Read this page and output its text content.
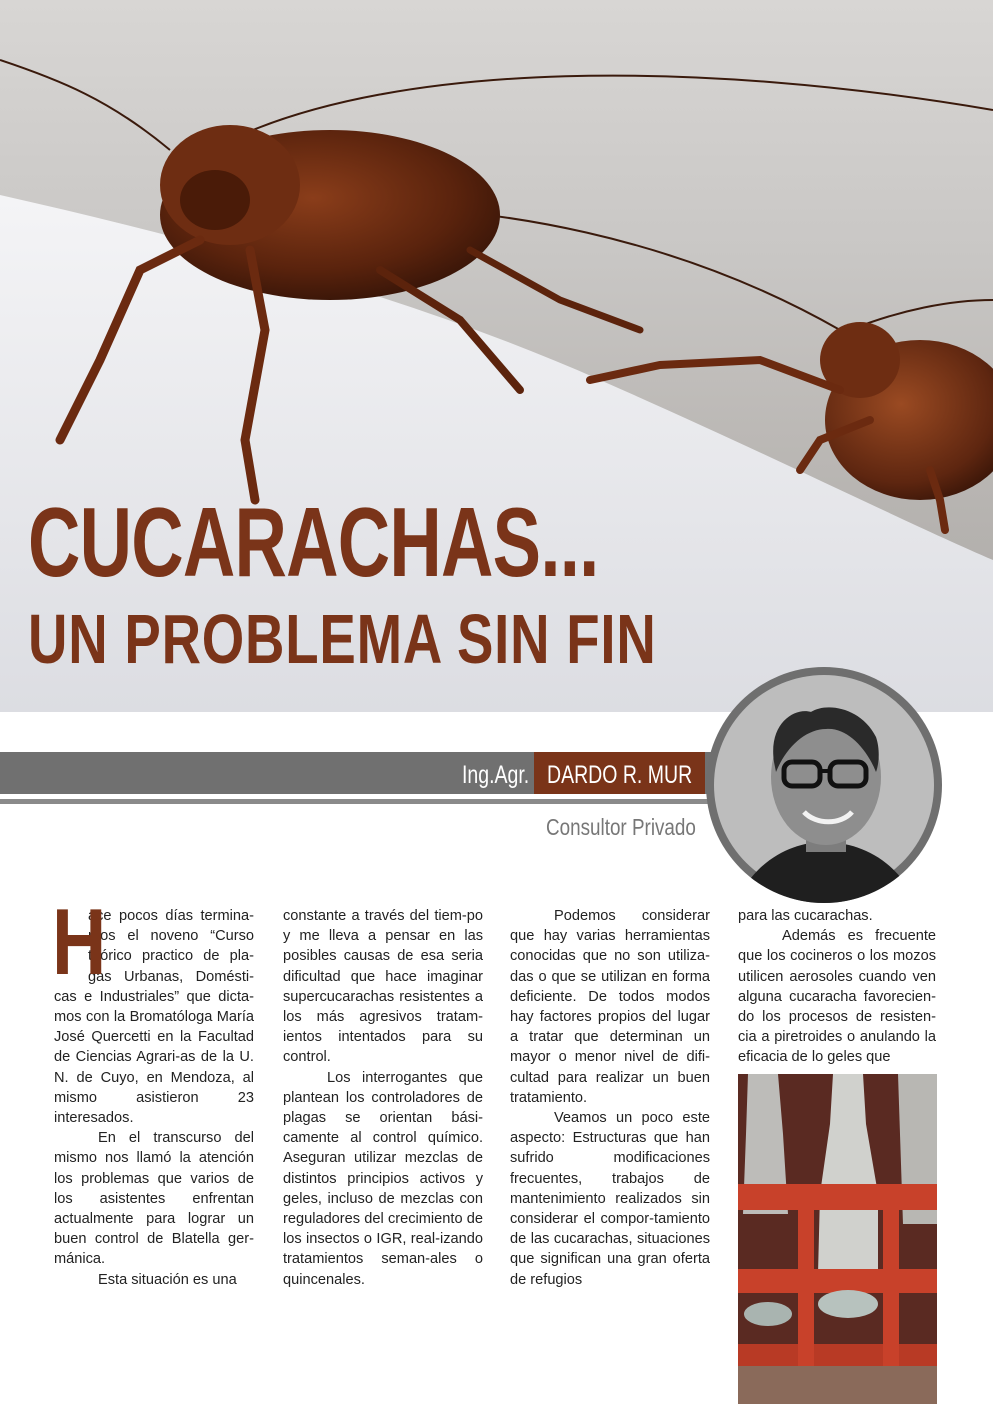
CUCARACHAS...
UN PROBLEMA SIN FIN
Ing.Agr. DARDO R. MUR
Consultor Privado
H

ace pocos días termina-mos el noveno “Curso teórico practico de pla-gas Urbanas, Domésti-cas e Industriales” que dicta-mos con la Bromatóloga María José Quercetti en la Facultad de Ciencias Agrari-as de la U. N. de Cuyo, en Mendoza, al mismo asistieron 23 interesados.

En el transcurso del mismo nos llamó la atención los problemas que varios de los asistentes enfrentan actualmente para lograr un buen control de Blatella ger-mánica.

Esta situación es una

constante a través del tiem-po y me lleva a pensar en las posibles causas de esa seria dificultad que hace imaginar supercucarachas resistentes a los más agresivos tratam-ientos intentados para su control.

Los interrogantes que plantean los controladores de plagas se orientan bási-camente al control químico. Aseguran utilizar mezclas de distintos principios activos y geles, incluso de mezclas con reguladores del crecimiento de los insectos o IGR, real-izando tratamientos seman-ales o quincenales.

Podemos considerar que hay varias herramientas conocidas que no son utiliza-das o que se utilizan en forma deficiente. De todos modos hay factores propios del lugar a tratar que determinan un mayor o menor nivel de difi-cultad para realizar un buen tratamiento.

Veamos un poco este aspecto: Estructuras que han sufrido modificaciones frecuentes, trabajos de mantenimiento realizados sin considerar el compor-tamiento de las cucarachas, situaciones que significan una gran oferta de refugios

para las cucarachas.

Además es frecuente que los cocineros o los mozos utilicen aerosoles cuando ven alguna cucaracha favorecien-do los procesos de resisten-cia a piretroides o anulando la eficacia de lo geles que
